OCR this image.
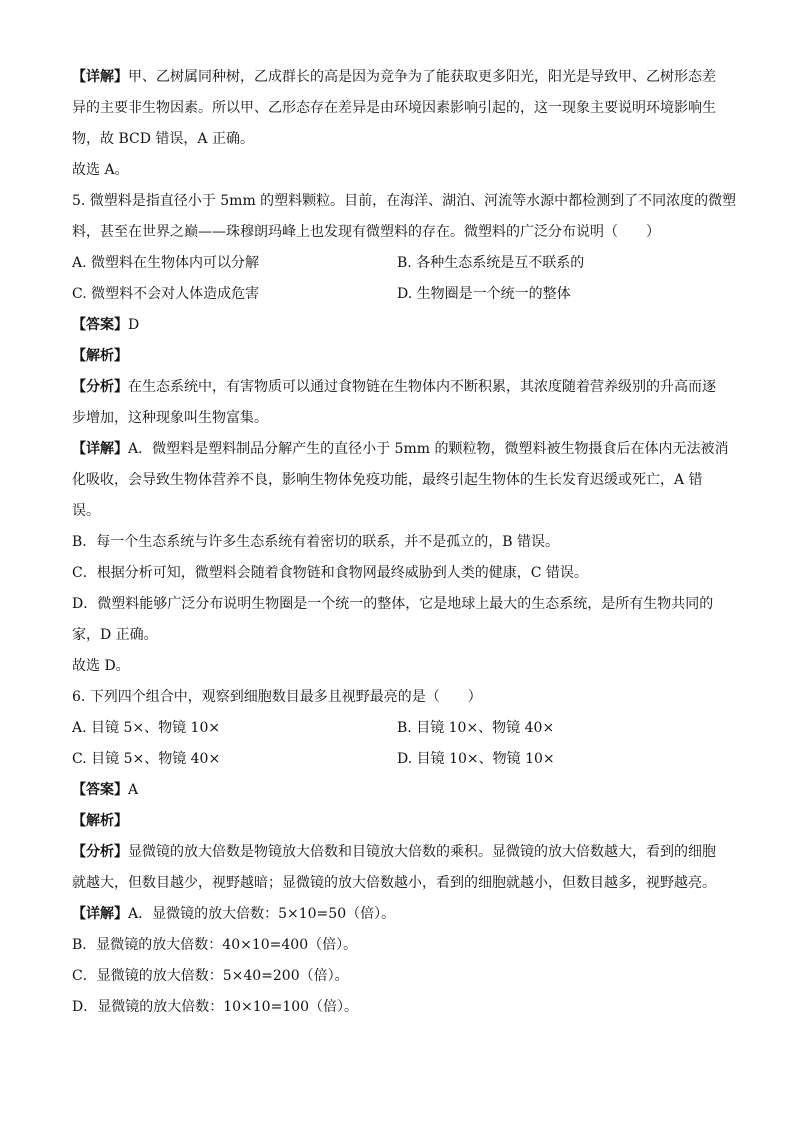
【详解】甲、乙树属同种树，乙成群长的高是因为竞争为了能获取更多阳光，阳光是导致甲、乙树形态差
异的主要非生物因素。所以甲、乙形态存在差异是由环境因素影响引起的，这一现象主要说明环境影响生
物，故 BCD 错误，A 正确。
故选 A。
5. 微塑料是指直径小于 5mm 的塑料颗粒。目前，在海洋、湖泊、河流等水源中都检测到了不同浓度的微塑
料，甚至在世界之巅——珠穆朗玛峰上也发现有微塑料的存在。微塑料的广泛分布说明（　　）
A. 微塑料在生物体内可以分解	B. 各种生态系统是互不联系的
C. 微塑料不会对人体造成危害	D. 生物圈是一个统一的整体
【答案】D
【解析】
【分析】在生态系统中，有害物质可以通过食物链在生物体内不断积累，其浓度随着营养级别的升高而逐
步增加，这种现象叫生物富集。
【详解】A．微塑料是塑料制品分解产生的直径小于 5mm 的颗粒物，微塑料被生物摄食后在体内无法被消
化吸收，会导致生物体营养不良，影响生物体免疫功能，最终引起生物体的生长发育迟缓或死亡，A 错
误。
B．每一个生态系统与许多生态系统有着密切的联系，并不是孤立的，B 错误。
C．根据分析可知，微塑料会随着食物链和食物网最终威胁到人类的健康，C 错误。
D．微塑料能够广泛分布说明生物圈是一个统一的整体，它是地球上最大的生态系统，是所有生物共同的
家，D 正确。
故选 D。
6. 下列四个组合中，观察到细胞数目最多且视野最亮的是（　　）
A. 目镜 5×、物镜 10×	B. 目镜 10×、物镜 40×
C. 目镜 5×、物镜 40×	D. 目镜 10×、物镜 10×
【答案】A
【解析】
【分析】显微镜的放大倍数是物镜放大倍数和目镜放大倍数的乘积。显微镜的放大倍数越大，看到的细胞
就越大，但数目越少，视野越暗；显微镜的放大倍数越小，看到的细胞就越小，但数目越多，视野越亮。
【详解】A．显微镜的放大倍数：5×10=50（倍）。
B．显微镜的放大倍数：40×10=400（倍）。
C．显微镜的放大倍数：5×40=200（倍）。
D．显微镜的放大倍数：10×10=100（倍）。
